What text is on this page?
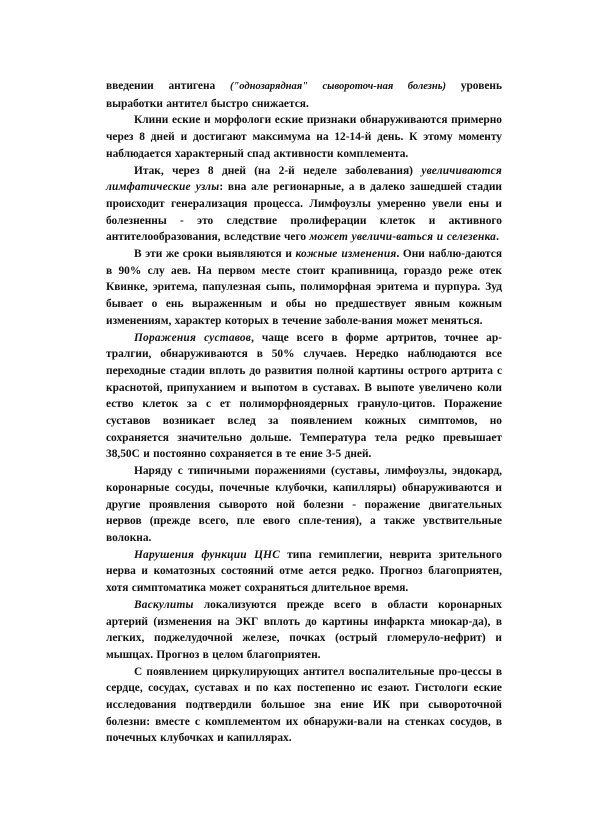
введении антигена ("однозарядная" сывороточ-ная болезнь) уровень выработки антител быстро снижается.

Клини еские и морфологи еские признаки обнаруживаются примерно через 8 дней и достигают максимума на 12-14-й день. К этому моменту наблюдается характерный спад активности комплемента.

Итак, через 8 дней (на 2-й неделе заболевания) увеличиваются лимфатические узлы: вна але регионарные, а в далеко зашедшей стадии происходит генерализация процесса. Лимфоузлы умеренно увели ены и болезненны - это следствие пролиферации клеток и активного антителообразования, вследствие чего может увеличи-ваться и селезенка.

В эти же сроки выявляются и кожные изменения. Они наблю-даются в 90% слу аев. На первом месте стоит крапивница, гораздо реже отек Квинке, эритема, папулезная сыпь, полиморфная эритема и пурпура. Зуд бывает о ень выраженным и обы но предшествует явным кожным изменениям, характер которых в течение заболе-вания может меняться.

Поражения суставов, чаще всего в форме артритов, точнее ар-тралгии, обнаруживаются в 50% случаев. Нередко наблюдаются все переходные стадии вплоть до развития полной картины острого артрита с краснотой, припуханием и выпотом в суставах. В выпоте увеличено коли ество клеток за с ет полиморфноядерных грануло-цитов. Поражение суставов возникает вслед за появлением кожных симптомов, но сохраняется значительно дольше. Температура тела редко превышает 38,50С и постоянно сохраняется в те ение 3-5 дней.

Наряду с типичными поражениями (суставы, лимфоузлы, эндокард, коронарные сосуды, почечные клубочки, капилляры) обнаруживаются и другие проявления сыворото ной болезни - поражение двигательных нервов (прежде всего, пле евого спле-тения), а также увствительные волокна.

Нарушения функции ЦНС типа гемиплегии, неврита зрительного нерва и коматозных состояний отме ается редко. Прогноз благоприятен, хотя симптоматика может сохраняться длительное время.

Васкулиты локализуются прежде всего в области коронарных артерий (изменения на ЭКГ вплоть до картины инфаркта миокар-да), в легких, поджелудочной железе, почках (острый гломеруло-нефрит) и мышцах. Прогноз в целом благоприятен.

С появлением циркулирующих антител воспалительные про-цессы в сердце, сосудах, суставах и по ках постепенно ис езают. Гистологи еские исследования подтвердили большое зна ение ИК при сывороточной болезни: вместе с комплементом их обнаружи-вали на стенках сосудов, в почечных клубочках и капиллярах.
